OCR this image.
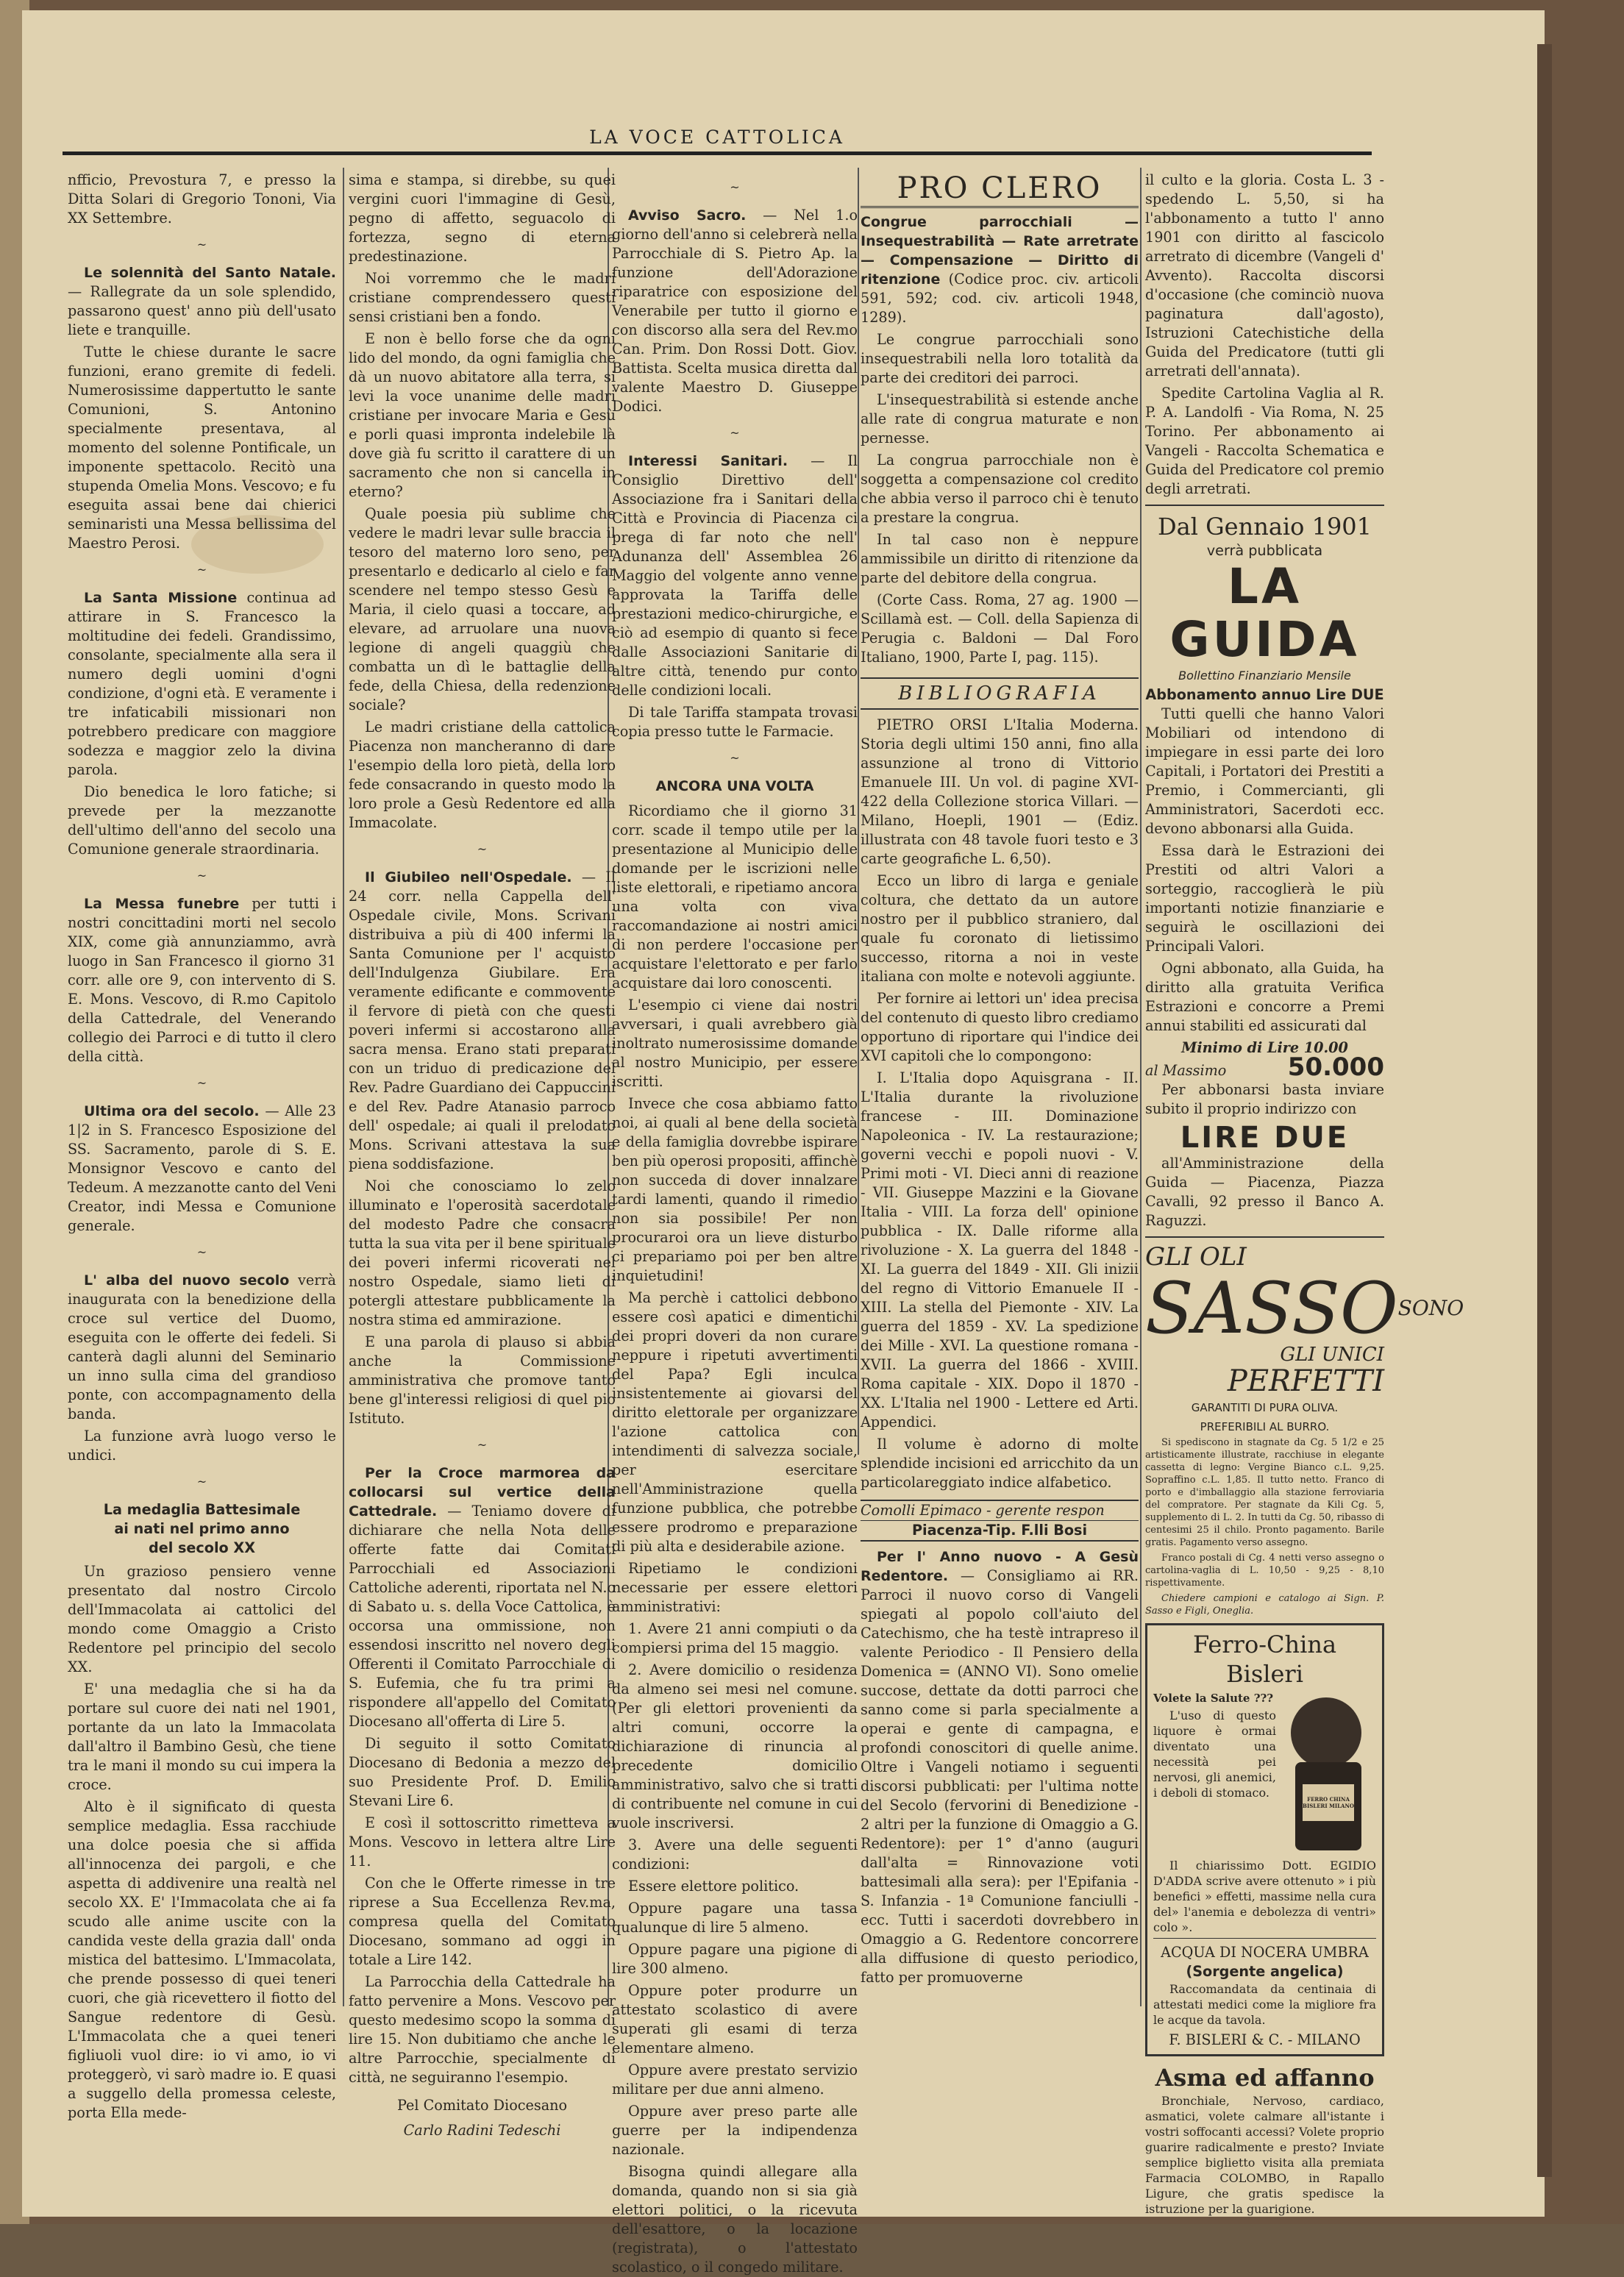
LA VOCE CATTOLICA

nfficio, Prevostura 7, e presso la Ditta Solari di Gregorio Tononi, Via XX Settembre.

~

Le solennità del Santo Natale. — Rallegrate da un sole splendido, passarono quest' anno più dell'usato liete e tranquille.

Tutte le chiese durante le sacre funzioni, erano gremite di fedeli. Numerosissime dappertutto le sante Comunioni, S. Antonino specialmente presentava, al momento del solenne Pontificale, un imponente spettacolo. Recitò una stupenda Omelia Mons. Vescovo; e fu eseguita assai bene dai chierici seminaristi una Messa bellissima del Maestro Perosi.

~

La Santa Missione continua ad attirare in S. Francesco la moltitudine dei fedeli. Grandissimo, consolante, specialmente alla sera il numero degli uomini d'ogni condizione, d'ogni età. E veramente i tre infaticabili missionari non potrebbero predicare con maggiore sodezza e maggior zelo la divina parola.

Dio benedica le loro fatiche; si prevede per la mezzanotte dell'ultimo dell'anno del secolo una Comunione generale straordinaria.

~

La Messa funebre per tutti i nostri concittadini morti nel secolo XIX, come già annunziammo, avrà luogo in San Francesco il giorno 31 corr. alle ore 9, con intervento di S. E. Mons. Vescovo, di R.mo Capitolo della Cattedrale, del Venerando collegio dei Parroci e di tutto il clero della città.

~

Ultima ora del secolo. — Alle 23 1|2 in S. Francesco Esposizione del SS. Sacramento, parole di S. E. Monsignor Vescovo e canto del Tedeum. A mezzanotte canto del Veni Creator, indi Messa e Comunione generale.

~

L' alba del nuovo secolo verrà inaugurata con la benedizione della croce sul vertice del Duomo, eseguita con le offerte dei fedeli. Si canterà dagli alunni del Seminario un inno sulla cima del grandioso ponte, con accompagnamento della banda.

La funzione avrà luogo verso le undici.

~
La medaglia Battesimale
ai nati nel primo anno
del secolo XX

Un grazioso pensiero venne presentato dal nostro Circolo dell'Immacolata ai cattolici del mondo come Omaggio a Cristo Redentore pel principio del secolo XX.

E' una medaglia che si ha da portare sul cuore dei nati nel 1901, portante da un lato la Immacolata dall'altro il Bambino Gesù, che tiene tra le mani il mondo su cui impera la croce.

Alto è il significato di questa semplice medaglia. Essa racchiude una dolce poesia che si affida all'innocenza dei pargoli, e che aspetta di addivenire una realtà nel secolo XX. E' l'Immacolata che ai fa scudo alle anime uscite con la candida veste della grazia dall' onda mistica del battesimo. L'Immacolata, che prende possesso di quei teneri cuori, che già ricevettero il fiotto del Sangue redentore di Gesù. L'Immacolata che a quei teneri figliuoli vuol dire: io vi amo, io vi proteggerò, vi sarò madre io. E quasi a suggello della promessa celeste, porta Ella mede-

sima e stampa, si direbbe, su quei vergini cuori l'immagine di Gesù, pegno di affetto, seguacolo di fortezza, segno di eterna predestinazione.

Noi vorremmo che le madri cristiane comprendessero questi sensi cristiani ben a fondo.

E non è bello forse che da ogni lido del mondo, da ogni famiglia che dà un nuovo abitatore alla terra, si levi la voce unanime delle madri cristiane per invocare Maria e Gesù e porli quasi impronta indelebile là dove già fu scritto il carattere di un sacramento che non si cancella in eterno?

Quale poesia più sublime che vedere le madri levar sulle braccia il tesoro del materno loro seno, per presentarlo e dedicarlo al cielo e far scendere nel tempo stesso Gesù e Maria, il cielo quasi a toccare, ad elevare, ad arruolare una nuova legione di angeli quaggiù che combatta un dì le battaglie della fede, della Chiesa, della redenzione sociale?

Le madri cristiane della cattolica Piacenza non mancheranno di dare l'esempio della loro pietà, della loro fede consacrando in questo modo la loro prole a Gesù Redentore ed alla Immacolate.

~

Il Giubileo nell'Ospedale. — Il 24 corr. nella Cappella dell' Ospedale civile, Mons. Scrivani distribuiva a più di 400 infermi la Santa Comunione per l' acquisto dell'Indulgenza Giubilare. Era veramente edificante e commovente il fervore di pietà con che questi poveri infermi si accostarono alla sacra mensa. Erano stati preparati con un triduo di predicazione del Rev. Padre Guardiano dei Cappuccini e del Rev. Padre Atanasio parroco dell' ospedale; ai quali il prelodato Mons. Scrivani attestava la sua piena soddisfazione.

Noi che conosciamo lo zelo illuminato e l'operosità sacerdotale del modesto Padre che consacra tutta la sua vita per il bene spirituale dei poveri infermi ricoverati nel nostro Ospedale, siamo lieti di potergli attestare pubblicamente la nostra stima ed ammirazione.

E una parola di plauso si abbia anche la Commissione amministrativa che promove tanto bene gl'interessi religiosi di quel pio Istituto.

~

Per la Croce marmorea da collocarsi sul vertice della Cattedrale. — Teniamo dovere di dichiarare che nella Nota delle offerte fatte dai Comitati Parrocchiali ed Associazioni Cattoliche aderenti, riportata nel N.o di Sabato u. s. della Voce Cattolica, è occorsa una ommissione, non essendosi inscritto nel novero degli Offerenti il Comitato Parrocchiale di S. Eufemia, che fu tra primi a rispondere all'appello del Comitato Diocesano all'offerta di Lire 5.

Di seguito il sotto Comitato Diocesano di Bedonia a mezzo del suo Presidente Prof. D. Emilio Stevani Lire 6.

E così il sottoscritto rimetteva a Mons. Vescovo in lettera altre Lire 11.

Con che le Offerte rimesse in tre riprese a Sua Eccellenza Rev.ma, compresa quella del Comitato Diocesano, sommano ad oggi in totale a Lire 142.

La Parrocchia della Cattedrale ha fatto pervenire a Mons. Vescovo per questo medesimo scopo la somma di lire 15. Non dubitiamo che anche le altre Parrocchie, specialmente di città, ne seguiranno l'esempio.

Pel Comitato Diocesano
Carlo Radini Tedeschi
~

Avviso Sacro. — Nel 1.o giorno dell'anno si celebrerà nella Parrocchiale di S. Pietro Ap. la funzione dell'Adorazione riparatrice con esposizione del Venerabile per tutto il giorno e con discorso alla sera del Rev.mo Can. Prim. Don Rossi Dott. Giov. Battista. Scelta musica diretta dal valente Maestro D. Giuseppe Dodici.

~

Interessi Sanitari. — Il Consiglio Direttivo dell' Associazione fra i Sanitari della Città e Provincia di Piacenza ci prega di far noto che nell' Adunanza dell' Assemblea 26 Maggio del volgente anno venne approvata la Tariffa delle prestazioni medico-chirurgiche, e ciò ad esempio di quanto si fece dalle Associazioni Sanitarie di altre città, tenendo pur conto delle condizioni locali.

Di tale Tariffa stampata trovasi copia presso tutte le Farmacie.

~
ANCORA UNA VOLTA

Ricordiamo che il giorno 31 corr. scade il tempo utile per la presentazione al Municipio delle domande per le iscrizioni nelle liste elettorali, e ripetiamo ancora una volta con viva raccomandazione ai nostri amici di non perdere l'occasione per acquistare l'elettorato e per farlo acquistare dai loro conoscenti.

L'esempio ci viene dai nostri avversari, i quali avrebbero già inoltrato numerosissime domande al nostro Municipio, per essere iscritti.

Invece che cosa abbiamo fatto noi, ai quali al bene della società e della famiglia dovrebbe ispirare ben più operosi propositi, affinchè non succeda di dover innalzare tardi lamenti, quando il rimedio non sia possibile! Per non procuraroi ora un lieve disturbo ci prepariamo poi per ben altre inquietudini!

Ma perchè i cattolici debbono essere così apatici e dimentichi dei propri doveri da non curare neppure i ripetuti avvertimenti del Papa? Egli inculca insistentemente ai giovarsi del diritto elettorale per organizzare l'azione cattolica con intendimenti di salvezza sociale, per esercitare nell'Amministrazione quella funzione pubblica, che potrebbe essere prodromo e preparazione di più alta e desiderabile azione.

Ripetiamo le condizioni necessarie per essere elettori amministrativi:

1. Avere 21 anni compiuti o da compiersi prima del 15 maggio.

2. Avere domicilio o residenza da almeno sei mesi nel comune. (Per gli elettori provenienti da altri comuni, occorre la dichiarazione di rinuncia al precedente domicilio amministrativo, salvo che si tratti di contribuente nel comune in cui vuole inscriversi.

3. Avere una delle seguenti condizioni:

Essere elettore politico.

Oppure pagare una tassa qualunque di lire 5 almeno.

Oppure pagare una pigione di lire 300 almeno.

Oppure poter produrre un attestato scolastico di avere superati gli esami di terza elementare almeno.

Oppure avere prestato servizio militare per due anni almeno.

Oppure aver preso parte alle guerre per la indipendenza nazionale.

Bisogna quindi allegare alla domanda, quando non si sia già elettori politici, o la ricevuta dell'esattore, o la locazione (registrata), o l'attestato scolastico, o il congedo militare.

PRO CLERO

Congrue parrocchiali — Insequestrabilità — Rate arretrate — Compensazione — Diritto di ritenzione (Codice proc. civ. articoli 591, 592; cod. civ. articoli 1948, 1289).

Le congrue parrocchiali sono insequestrabili nella loro totalità da parte dei creditori dei parroci.

L'insequestrabilità si estende anche alle rate di congrua maturate e non pernesse.

La congrua parrocchiale non è soggetta a compensazione col credito che abbia verso il parroco chi è tenuto a prestare la congrua.

In tal caso non è neppure ammissibile un diritto di ritenzione da parte del debitore della congrua.

(Corte Cass. Roma, 27 ag. 1900 — Scillamà est. — Coll. della Sapienza di Perugia c. Baldoni — Dal Foro Italiano, 1900, Parte I, pag. 115).

BIBLIOGRAFIA

PIETRO ORSI L'Italia Moderna. Storia degli ultimi 150 anni, fino alla assunzione al trono di Vittorio Emanuele III. Un vol. di pagine XVI-422 della Collezione storica Villari. — Milano, Hoepli, 1901 — (Ediz. illustrata con 48 tavole fuori testo e 3 carte geografiche L. 6,50).

Ecco un libro di larga e geniale coltura, che dettato da un autore nostro per il pubblico straniero, dal quale fu coronato di lietissimo successo, ritorna a noi in veste italiana con molte e notevoli aggiunte.

Per fornire ai lettori un' idea precisa del contenuto di questo libro crediamo opportuno di riportare qui l'indice dei XVI capitoli che lo compongono:

I. L'Italia dopo Aquisgrana - II. L'Italia durante la rivoluzione francese - III. Dominazione Napoleonica - IV. La restaurazione; governi vecchi e popoli nuovi - V. Primi moti - VI. Dieci anni di reazione - VII. Giuseppe Mazzini e la Giovane Italia - VIII. La forza dell' opinione pubblica - IX. Dalle riforme alla rivoluzione - X. La guerra del 1848 - XI. La guerra del 1849 - XII. Gli inizii del regno di Vittorio Emanuele II - XIII. La stella del Piemonte - XIV. La guerra del 1859 - XV. La spedizione dei Mille - XVI. La questione romana - XVII. La guerra del 1866 - XVIII. Roma capitale - XIX. Dopo il 1870 - XX. L'Italia nel 1900 - Lettere ed Arti. Appendici.

Il volume è adorno di molte splendide incisioni ed arricchito da un particolareggiato indice alfabetico.

Comolli Epimaco - gerente respon
Piacenza-Tip. F.lli Bosi

Per l' Anno nuovo - A Gesù Redentore. — Consigliamo ai RR. Parroci il nuovo corso di Vangeli spiegati al popolo coll'aiuto del Catechismo, che ha testè intrapreso il valente Periodico - Il Pensiero della Domenica = (ANNO VI). Sono omelie succose, dettate da dotti parroci che sanno come si parla specialmente a operai e gente di campagna, e profondi conoscitori di quelle anime. Oltre i Vangeli notiamo i seguenti discorsi pubblicati: per l'ultima notte del Secolo (fervorini di Benedizione - 2 altri per la funzione di Omaggio a G. Redentore): per 1° d'anno (auguri dall'alta = Rinnovazione voti battesimali alla sera): per l'Epifania - S. Infanzia - 1ª Comunione fanciulli - ecc. Tutti i sacerdoti dovrebbero in Omaggio a G. Redentore concorrere alla diffusione di questo periodico, fatto per promuoverne

il culto e la gloria. Costa L. 3 - spedendo L. 5,50, si ha l'abbonamento a tutto l' anno 1901 con diritto al fascicolo arretrato di dicembre (Vangeli d' Avvento). Raccolta discorsi d'occasione (che cominciò nuova paginatura dall'agosto), Istruzioni Catechistiche della Guida del Predicatore (tutti gli arretrati dell'annata).

Spedite Cartolina Vaglia al R. P. A. Landolfi - Via Roma, N. 25 Torino. Per abbonamento ai Vangeli - Raccolta Schematica e Guida del Predicatore col premio degli arretrati.

Dal Gennaio 1901
verrà pubblicata
LA GUIDA
Bollettino Finanziario Mensile
Abbonamento annuo Lire DUE

Tutti quelli che hanno Valori Mobiliari od intendono di impiegare in essi parte dei loro Capitali, i Portatori dei Prestiti a Premio, i Commercianti, gli Amministratori, Sacerdoti ecc. devono abbonarsi alla Guida.

Essa darà le Estrazioni dei Prestiti od altri Valori a sorteggio, raccoglierà le più importanti notizie finanziarie e seguirà le oscillazioni dei Principali Valori.

Ogni abbonato, alla Guida, ha diritto alla gratuita Verifica Estrazioni e concorre a Premi annui stabiliti ed assicurati dal

Minimo di Lire 10.00
al Massimo 50.000

Per abbonarsi basta inviare subito il proprio indirizzo con

LIRE DUE

all'Amministrazione della Guida — Piacenza, Piazza Cavalli, 92 presso il Banco A. Raguzzi.

GLI OLI
SASSO SONO
GLI UNICI
PERFETTI
GARANTITI DI PURA OLIVA.
PREFERIBILI AL BURRO.

Si spediscono in stagnate da Cg. 5 1/2 e 25 artisticamente illustrate, racchiuse in elegante cassetta di legno: Vergine Bianco c.L. 9,25. Sopraffino c.L. 1,85. Il tutto netto. Franco di porto e d'imballaggio alla stazione ferroviaria del compratore. Per stagnate da Kili Cg. 5, supplemento di L. 2. In tutti da Cg. 50, ribasso di centesimi 25 il chilo. Pronto pagamento. Barile gratis. Pagamento verso assegno.

Franco postali di Cg. 4 netti verso assegno o cartolina-vaglia di L. 10,50 - 9,25 - 8,10 rispettivamente.

Chiedere campioni e catalogo ai Sign. P. Sasso e Figli, Oneglia.

Ferro-China Bisleri
Volete la Salute ???

L'uso di questo liquore è ormai diventato una necessità pei nervosi, gli anemici, i deboli di stomaco.	FERRO CHINA BISLERI MILANO

Il chiarissimo Dott. EGIDIO D'ADDA scrive avere ottenuto » i più benefici » effetti, massime nella cura del» l'anemia e debolezza di ventri» colo ».

ACQUA DI NOCERA UMBRA
(Sorgente angelica)

Raccomandata da centinaia di attestati medici come la migliore fra le acque da tavola.

F. BISLERI & C. - MILANO
Asma ed affanno

Bronchiale, Nervoso, cardiaco, asmatici, volete calmare all'istante i vostri soffocanti accessi? Volete proprio guarire radicalmente e presto? Inviate semplice biglietto visita alla premiata Farmacia COLOMBO, in Rapallo Ligure, che gratis spedisce la istruzione per la guarigione.
